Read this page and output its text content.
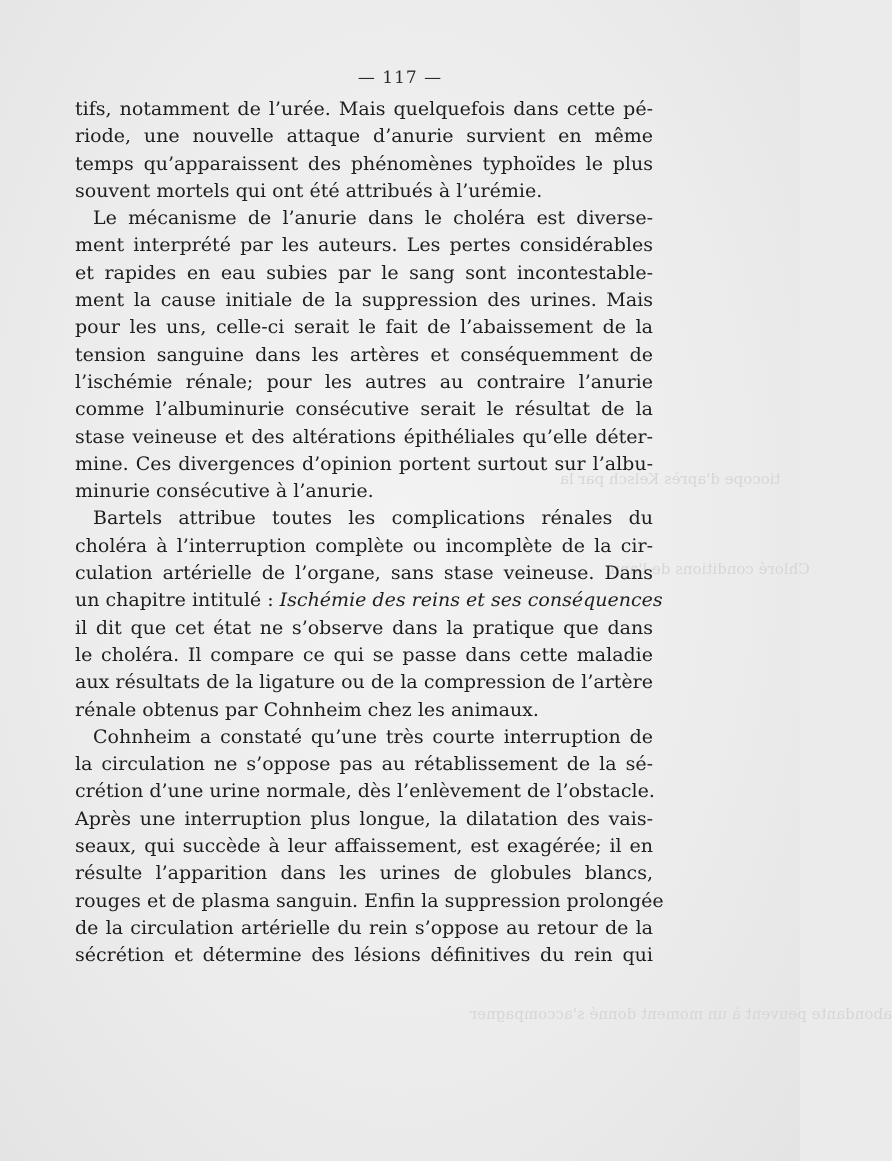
tiocope d'après Kelsch par la
Chloré conditions de l'anu
abondante peuvent à un moment donné s'accompagner
— 117 —
tifs, notamment de l’urée. Mais quelquefois dans cette pé-
riode, une nouvelle attaque d’anurie survient en même
temps qu’apparaissent des phénomènes typhoïdes le plus
souvent mortels qui ont été attribués à l’urémie.
Le mécanisme de l’anurie dans le choléra est diverse-
ment interprété par les auteurs. Les pertes considérables
et rapides en eau subies par le sang sont incontestable-
ment la cause initiale de la suppression des urines. Mais
pour les uns, celle-ci serait le fait de l’abaissement de la
tension sanguine dans les artères et conséquemment de
l’ischémie rénale; pour les autres au contraire l’anurie
comme l’albuminurie consécutive serait le résultat de la
stase veineuse et des altérations épithéliales qu’elle déter-
mine. Ces divergences d’opinion portent surtout sur l’albu-
minurie consécutive à l’anurie.
Bartels attribue toutes les complications rénales du
choléra à l’interruption complète ou incomplète de la cir-
culation artérielle de l’organe, sans stase veineuse. Dans
un chapitre intitulé : Ischémie des reins et ses conséquences
il dit que cet état ne s’observe dans la pratique que dans
le choléra. Il compare ce qui se passe dans cette maladie
aux résultats de la ligature ou de la compression de l’artère
rénale obtenus par Cohnheim chez les animaux.
Cohnheim a constaté qu’une très courte interruption de
la circulation ne s’oppose pas au rétablissement de la sé-
crétion d’une urine normale, dès l’enlèvement de l’obstacle.
Après une interruption plus longue, la dilatation des vais-
seaux, qui succède à leur affaissement, est exagérée; il en
résulte l’apparition dans les urines de globules blancs,
rouges et de plasma sanguin. Enfin la suppression prolongée
de la circulation artérielle du rein s’oppose au retour de la
sécrétion et détermine des lésions définitives du rein qui
